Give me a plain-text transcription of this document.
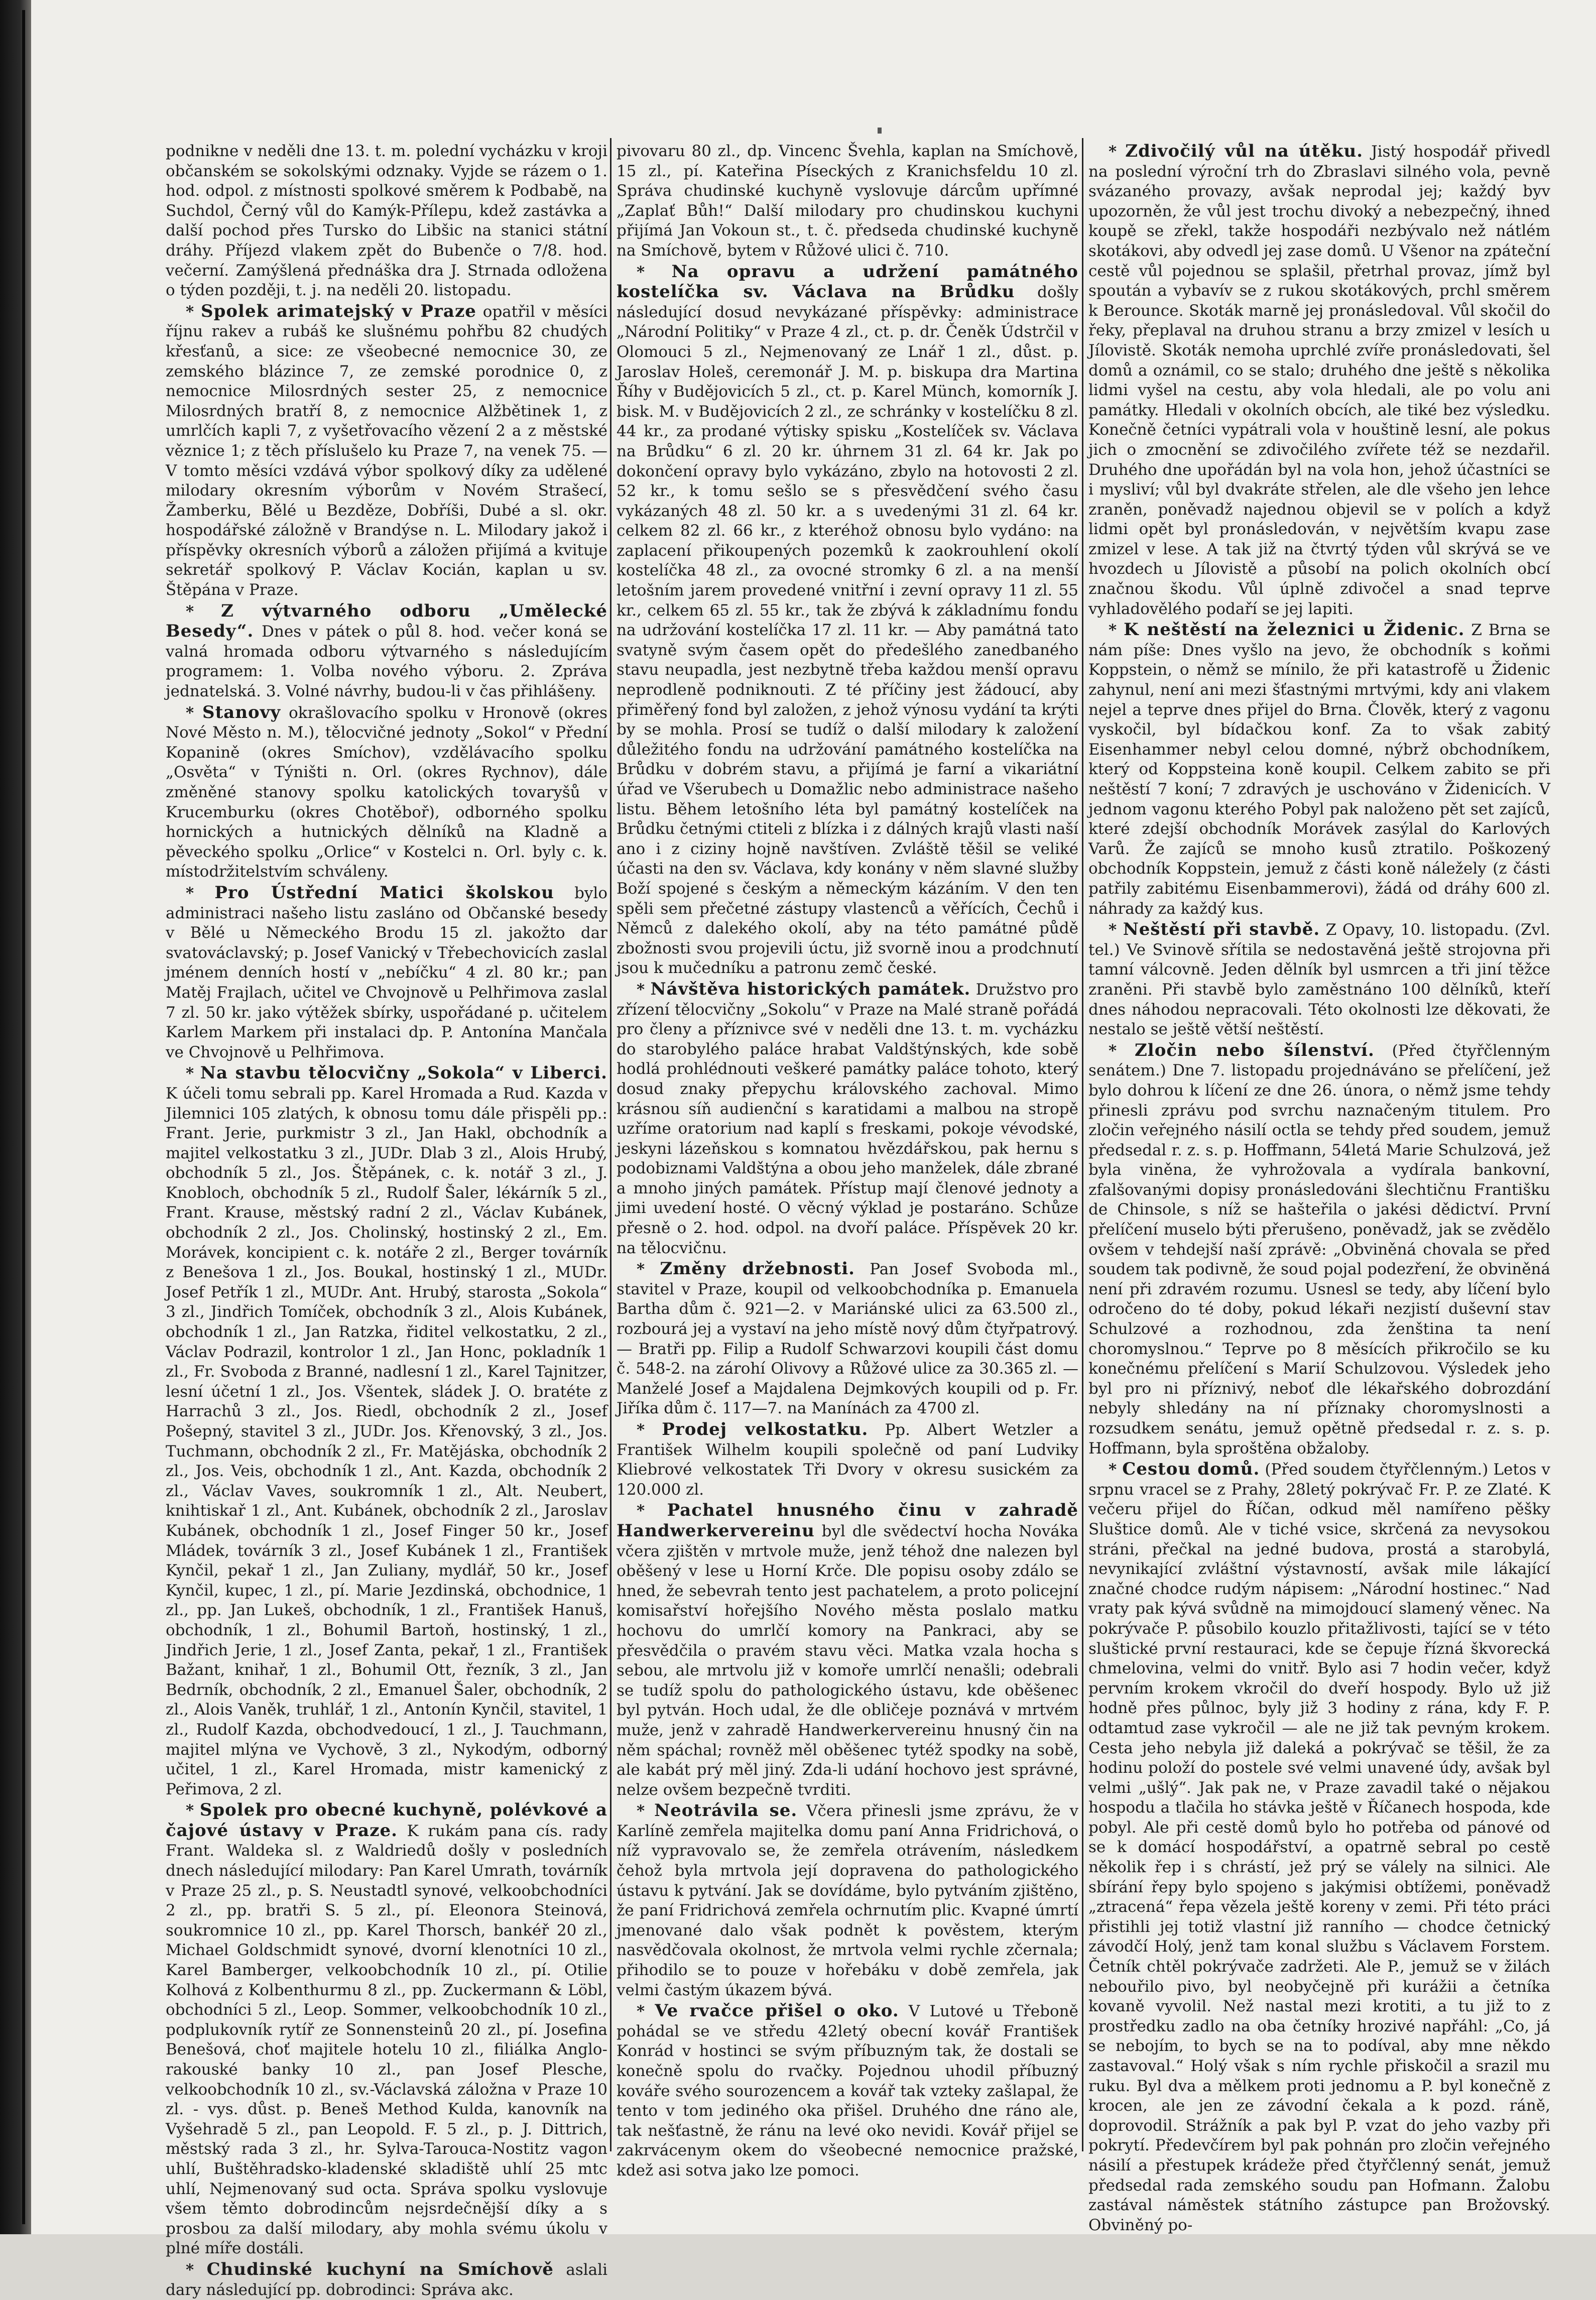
podnikne v neděli dne 13. t. m. polední vycházku v kroji občanském se sokolskými odznaky. Vyjde se rázem o 1. hod. odpol. z místnosti spolkové směrem k Podbabě, na Suchdol, Černý vůl do Kamýk-Přílepu, kdež zastávka a další pochod přes Tursko do Libšic na stanici státní dráhy. Příjezd vlakem zpět do Bubenče o 7/8. hod. večerní. Zamýšlená přednáška dra J. Strnada odložena o týden později, t. j. na neděli 20. listopadu.

* Spolek arimatejský v Praze opatřil v měsíci říjnu rakev a rubáš ke slušnému pohřbu 82 chudých křesťanů, a sice: ze všeobecné nemocnice 30, ze zemského blázince 7, ze zemské porodnice 0, z nemocnice Milosrdných sester 25, z nemocnice Milosrdných bratří 8, z nemocnice Alžbětinek 1, z umrlčích kapli 7, z vyšetřovacího vězení 2 a z městské věznice 1; z těch příslušelo ku Praze 7, na venek 75. — V tomto měsíci vzdává výbor spolkový díky za udělené milodary okresním výborům v Novém Strašecí, Žamberku, Bělé u Bezděze, Dobříši, Dubé a sl. okr. hospodářské záložně v Brandýse n. L. Milodary jakož i příspěvky okresních výborů a záložen přijímá a kvituje sekretář spolkový P. Václav Kocián, kaplan u sv. Štěpána v Praze.

* Z výtvarného odboru „Umělecké Besedy“. Dnes v pátek o půl 8. hod. večer koná se valná hromada odboru výtvarného s následujícím programem: 1. Volba nového výboru. 2. Zpráva jednatelská. 3. Volné návrhy, budou-li v čas přihlášeny.

* Stanovy okrašlovacího spolku v Hronově (okres Nové Město n. M.), tělocvičné jednoty „Sokol“ v Přední Kopanině (okres Smíchov), vzdělávacího spolku „Osvěta“ v Týništi n. Orl. (okres Rychnov), dále změněné stanovy spolku katolických tovaryšů v Krucemburku (okres Chotěboř), odborného spolku hornických a hutnických dělníků na Kladně a pěveckého spolku „Orlice“ v Kostelci n. Orl. byly c. k. místodržitelstvím schváleny.

* Pro Ústřední Matici školskou bylo administraci našeho listu zasláno od Občanské besedy v Bělé u Německého Brodu 15 zl. jakožto dar svatováclavský; p. Josef Vanický v Třebechovicích zaslal jménem denních hostí v „nebíčku“ 4 zl. 80 kr.; pan Matěj Frajlach, učitel ve Chvojnově u Pelhřimova zaslal 7 zl. 50 kr. jako výtěžek sbírky, uspořádané p. učitelem Karlem Markem při instalaci dp. P. Antonína Mančala ve Chvojnově u Pelhřimova.

* Na stavbu tělocvičny „Sokola“ v Liberci. K účeli tomu sebrali pp. Karel Hromada a Rud. Kazda v Jilemnici 105 zlatých, k obnosu tomu dále přispěli pp.: Frant. Jerie, purkmistr 3 zl., Jan Hakl, obchodník a majitel velkostatku 3 zl., JUDr. Dlab 3 zl., Alois Hrubý, obchodník 5 zl., Jos. Štěpánek, c. k. notář 3 zl., J. Knobloch, obchodník 5 zl., Rudolf Šaler, lékárník 5 zl., Frant. Krause, městský radní 2 zl., Václav Kubánek, obchodník 2 zl., Jos. Cholinský, hostinský 2 zl., Em. Morávek, koncipient c. k. notáře 2 zl., Berger továrník z Benešova 1 zl., Jos. Boukal, hostinský 1 zl., MUDr. Josef Petřík 1 zl., MUDr. Ant. Hrubý, starosta „Sokola“ 3 zl., Jindřich Tomíček, obchodník 3 zl., Alois Kubánek, obchodník 1 zl., Jan Ratzka, řiditel velkostatku, 2 zl., Václav Podrazil, kontrolor 1 zl., Jan Honc, pokladník 1 zl., Fr. Svoboda z Branné, nadlesní 1 zl., Karel Tajnitzer, lesní účetní 1 zl., Jos. Všentek, sládek J. O. bratéte z Harrachů 3 zl., Jos. Riedl, obchodník 2 zl., Josef Pošepný, stavitel 3 zl., JUDr. Jos. Křenovský, 3 zl., Jos. Tuchmann, obchodník 2 zl., Fr. Matějáska, obchodník 2 zl., Jos. Veis, obchodník 1 zl., Ant. Kazda, obchodník 2 zl., Václav Vaves, soukromník 1 zl., Alt. Neubert, knihtiskař 1 zl., Ant. Kubánek, obchodník 2 zl., Jaroslav Kubánek, obchodník 1 zl., Josef Finger 50 kr., Josef Mládek, továrník 3 zl., Josef Kubánek 1 zl., František Kynčil, pekař 1 zl., Jan Zuliany, mydlář, 50 kr., Josef Kynčil, kupec, 1 zl., pí. Marie Jezdinská, obchodnice, 1 zl., pp. Jan Lukeš, obchodník, 1 zl., František Hanuš, obchodník, 1 zl., Bohumil Bartoň, hostinský, 1 zl., Jindřich Jerie, 1 zl., Josef Zanta, pekař, 1 zl., František Bažant, knihař, 1 zl., Bohumil Ott, řezník, 3 zl., Jan Bedrník, obchodník, 2 zl., Emanuel Šaler, obchodník, 2 zl., Alois Vaněk, truhlář, 1 zl., Antonín Kynčil, stavitel, 1 zl., Rudolf Kazda, obchodvedoucí, 1 zl., J. Tauchmann, majitel mlýna ve Vychově, 3 zl., Nykodým, odborný učitel, 1 zl., Karel Hromada, mistr kamenický z Peřimova, 2 zl.

* Spolek pro obecné kuchyně, polévkové a čajové ústavy v Praze. K rukám pana cís. rady Frant. Waldeka sl. z Waldriedů došly v posledních dnech následující milodary: Pan Karel Umrath, továrník v Praze 25 zl., p. S. Neustadtl synové, velkoobchodníci 2 zl., pp. bratři S. 5 zl., pí. Eleonora Steinová, soukromnice 10 zl., pp. Karel Thorsch, bankéř 20 zl., Michael Goldschmidt synové, dvorní klenotníci 10 zl., Karel Bamberger, velkoobchodník 10 zl., pí. Otilie Kolhová z Kolbenthurmu 8 zl., pp. Zuckermann & Löbl, obchodníci 5 zl., Leop. Sommer, velkoobchodník 10 zl., podplukovník rytíř ze Sonnensteinů 20 zl., pí. Josefina Benešová, choť majitele hotelu 10 zl., filiálka Anglo-rakouské banky 10 zl., pan Josef Plesche, velkoobchodník 10 zl., sv.-Václavská záložna v Praze 10 zl. - vys. důst. p. Beneš Method Kulda, kanovník na Vyšehradě 5 zl., pan Leopold. F. 5 zl., p. J. Dittrich, městský rada 3 zl., hr. Sylva-Tarouca-Nostitz vagon uhlí, Buštěhradsko-kladenské skladiště uhlí 25 mtc uhlí, Nejmenovaný sud octa. Správa spolku vyslovuje všem těmto dobrodincům nejsrdečnější díky a s prosbou za další milodary, aby mohla svému úkolu v plné míře dostáli.

* Chudinské kuchyní na Smíchově aslali dary následující pp. dobrodinci: Správa akc.

pivovaru 80 zl., dp. Vincenc Švehla, kaplan na Smíchově, 15 zl., pí. Kateřina Píseckých z Kranichsfeldu 10 zl. Správa chudinské kuchyně vyslovuje dárcům upřímné „Zaplať Bůh!“ Další milodary pro chudinskou kuchyni přijímá Jan Vokoun st., t. č. předseda chudinské kuchyně na Smíchově, bytem v Růžové ulici č. 710.

* Na opravu a udržení památného kostelíčka sv. Václava na Brůdku došly následující dosud nevykázané příspěvky: administrace „Národní Politiky“ v Praze 4 zl., ct. p. dr. Čeněk Údstrčil v Olomouci 5 zl., Nejmenovaný ze Lnář 1 zl., důst. p. Jaroslav Holeš, ceremonář J. M. p. biskupa dra Martina Říhy v Budějovicích 5 zl., ct. p. Karel Münch, komorník J. bisk. M. v Budějovicích 2 zl., ze schránky v kostelíčku 8 zl. 44 kr., za prodané výtisky spisku „Kostelíček sv. Václava na Brůdku“ 6 zl. 20 kr. úhrnem 31 zl. 64 kr. Jak po dokončení opravy bylo vykázáno, zbylo na hotovosti 2 zl. 52 kr., k tomu sešlo se s přesvědčení svého času vykázaných 48 zl. 50 kr. a s uvedenými 31 zl. 64 kr. celkem 82 zl. 66 kr., z kteréhož obnosu bylo vydáno: na zaplacení přikoupených pozemků k zaokrouhlení okolí kostelíčka 48 zl., za ovocné stromky 6 zl. a na menší letošním jarem provedené vnitřní i zevní opravy 11 zl. 55 kr., celkem 65 zl. 55 kr., tak že zbývá k základnímu fondu na udržování kostelíčka 17 zl. 11 kr. — Aby památná tato svatyně svým časem opět do předešlého zanedbaného stavu neupadla, jest nezbytně třeba každou menší opravu neprodleně podniknouti. Z té příčiny jest žádoucí, aby přiměřený fond byl založen, z jehož výnosu vydání ta krýti by se mohla. Prosí se tudíž o další milodary k založení důležitého fondu na udržování památného kostelíčka na Brůdku v dobrém stavu, a přijímá je farní a vikariátní úřad ve Všerubech u Domažlic nebo administrace našeho listu. Během letošního léta byl památný kostelíček na Brůdku četnými ctiteli z blízka i z dálných krajů vlasti naší ano i z ciziny hojně navštíven. Zvláště těšil se veliké účasti na den sv. Václava, kdy konány v něm slavné služby Boží spojené s českým a německým kázáním. V den ten spěli sem přečetné zástupy vlastenců a věřících, Čechů i Němců z dalekého okolí, aby na této památné půdě zbožnosti svou projevili úctu, již svorně inou a prodchnutí jsou k mučedníku a patronu zemč české.

* Návštěva historických památek. Družstvo pro zřízení tělocvičny „Sokolu“ v Praze na Malé straně pořádá pro členy a příznivce své v neděli dne 13. t. m. vycházku do starobylého paláce hrabat Valdštýnských, kde sobě hodlá prohlédnouti veškeré památky paláce tohoto, který dosud znaky přepychu královského zachoval. Mimo krásnou síň audienční s karatidami a malbou na stropě uzříme oratorium nad kaplí s freskami, pokoje vévodské, jeskyni lázeňskou s komnatou hvězdářskou, pak hernu s podobiznami Valdštýna a obou jeho manželek, dále zbrané a mnoho jiných památek. Přístup mají členové jednoty a jimi uvedení hosté. O věcný výklad je postaráno. Schůze přesně o 2. hod. odpol. na dvoří paláce. Příspěvek 20 kr. na tělocvičnu.

* Změny držebnosti. Pan Josef Svoboda ml., stavitel v Praze, koupil od velkoobchodníka p. Emanuela Bartha dům č. 921—2. v Mariánské ulici za 63.500 zl., rozbourá jej a vystaví na jeho místě nový dům čtyřpatrový. — Bratři pp. Filip a Rudolf Schwarzovi koupili část domu č. 548-2. na zárohí Olivovy a Růžové ulice za 30.365 zl. — Manželé Josef a Majdalena Dejmkových koupili od p. Fr. Jiříka dům č. 117—7. na Manínách za 4700 zl.

* Prodej velkostatku. Pp. Albert Wetzler a František Wilhelm koupili společně od paní Ludviky Kliebrové velkostatek Tři Dvory v okresu susickém za 120.000 zl.

* Pachatel hnusného činu v zahradě Handwerkervereinu byl dle svědectví hocha Nováka včera zjištěn v mrtvole muže, jenž téhož dne nalezen byl oběšený v lese u Horní Krče. Dle popisu osoby zdálo se hned, že sebevrah tento jest pachatelem, a proto policejní komisařství hořejšího Nového města poslalo matku hochovu do umrlčí komory na Pankraci, aby se přesvědčila o pravém stavu věci. Matka vzala hocha s sebou, ale mrtvolu již v komoře umrlčí nenašli; odebrali se tudíž spolu do pathologického ústavu, kde oběšenec byl pytván. Hoch udal, že dle obličeje poznává v mrtvém muže, jenž v zahradě Handwerkervereinu hnusný čin na něm spáchal; rovněž měl oběšenec tytéž spodky na sobě, ale kabát prý měl jiný. Zda-li udání hochovo jest správné, nelze ovšem bezpečně tvrditi.

* Neotrávila se. Včera přinesli jsme zprávu, že v Karlíně zemřela majitelka domu paní Anna Fridrichová, o níž vypravovalo se, že zemřela otrávením, následkem čehož byla mrtvola její dopravena do pathologického ústavu k pytvání. Jak se dovídáme, bylo pytváním zjištěno, že paní Fridrichová zemřela ochrnutím plic. Kvapné úmrtí jmenované dalo však podnět k pověstem, kterým nasvědčovala okolnost, že mrtvola velmi rychle zčernala; přihodilo se to pouze v hořebáku v době zemřela, jak velmi častým úkazem bývá.

* Ve rvačce přišel o oko. V Lutové u Třeboně pohádal se ve středu 42letý obecní kovář František Konrád v hostinci se svým příbuzným tak, že dostali se konečně spolu do rvačky. Pojednou uhodil příbuzný kováře svého sourozencem a kovář tak vzteky zašlapal, že tento v tom jediného oka přišel. Druhého dne ráno ale, tak nešťastně, že ránu na levé oko nevidi. Kovář přijel se zakrvácenym okem do všeobecné nemocnice pražské, kdež asi sotva jako lze pomoci.

* Zdivočilý vůl na útěku. Jistý hospodář přivedl na poslední výroční trh do Zbraslavi silného vola, pevně svázaného provazy, avšak neprodal jej; každý byv upozorněn, že vůl jest trochu divoký a nebezpečný, ihned koupě se zřekl, takže hospodáři nezbývalo než nátlém skotákovi, aby odvedl jej zase domů. U Všenor na zpáteční cestě vůl pojednou se splašil, přetrhal provaz, jímž byl spoután a vybavív se z rukou skotákových, prchl směrem k Berounce. Skoták marně jej pronásledoval. Vůl skočil do řeky, přeplaval na druhou stranu a brzy zmizel v lesích u Jílovistě. Skoták nemoha uprchlé zvíře pronásledovati, šel domů a oznámil, co se stalo; druhého dne ještě s několika lidmi vyšel na cestu, aby vola hledali, ale po volu ani památky. Hledali v okolních obcích, ale tiké bez výsledku. Konečně četníci vypátrali vola v houštině lesní, ale pokus jich o zmocnění se zdivočilého zvířete též se nezdařil. Druhého dne upořádán byl na vola hon, jehož účastníci se i mysliví; vůl byl dvakráte střelen, ale dle všeho jen lehce zraněn, poněvadž najednou objevil se v polích a když lidmi opět byl pronásledován, v největším kvapu zase zmizel v lese. A tak již na čtvrtý týden vůl skrývá se ve hvozdech u Jílovistě a působí na polich okolních obcí značnou škodu. Vůl úplně zdivočel a snad teprve vyhladovělého podaří se jej lapiti.

* K neštěstí na železnici u Židenic. Z Brna se nám píše: Dnes vyšlo na jevo, že obchodník s koňmi Koppstein, o němž se mínilo, že při katastrofě u Židenic zahynul, není ani mezi šťastnými mrtvými, kdy ani vlakem nejel a teprve dnes přijel do Brna. Člověk, který z vagonu vyskočil, byl bídačkou konf. Za to však zabitý Eisenhammer nebyl celou domné, nýbrž obchodníkem, který od Koppsteina koně koupil. Celkem zabito se při neštěstí 7 koní; 7 zdravých je uschováno v Židenicích. V jednom vagonu kterého Pobyl pak naloženo pět set zajíců, které zdejší obchodník Morávek zasýlal do Karlových Varů. Že zajíců se mnoho kusů ztratilo. Poškozený obchodník Koppstein, jemuž z části koně náležely (z části patřily zabitému Eisenbammerovi), žádá od dráhy 600 zl. náhrady za každý kus.

* Neštěstí při stavbě. Z Opavy, 10. listopadu. (Zvl. tel.) Ve Svinově sřítila se nedostavěná ještě strojovna při tamní válcovně. Jeden dělník byl usmrcen a tři jiní těžce zraněni. Při stavbě bylo zaměstnáno 100 dělníků, kteří dnes náhodou nepracovali. Této okolnosti lze děkovati, že nestalo se ještě větší neštěstí.

* Zločin nebo šílenství. (Před čtyřčlenným senátem.) Dne 7. listopadu projednáváno se přelíčení, jež bylo dohrou k líčení ze dne 26. února, o němž jsme tehdy přinesli zprávu pod svrchu naznačeným titulem. Pro zločin veřejného násilí octla se tehdy před soudem, jemuž předsedal r. z. s. p. Hoffmann, 54letá Marie Schulzová, jež byla viněna, že vyhrožovala a vydírala bankovní, zfalšovanými dopisy pronásledováni šlechtičnu Františku de Chinsole, s níž se hašteřila o jakési dědictví. První přelíčení muselo býti přerušeno, poněvadž, jak se zvědělo ovšem v tehdejší naší zprávě: „Obviněná chovala se před soudem tak podivně, že soud pojal podezření, že obviněná není při zdravém rozumu. Usnesl se tedy, aby líčení bylo odročeno do té doby, pokud lékaři nezjistí duševní stav Schulzové a rozhodnou, zda ženština ta není choromyslnou.“ Teprve po 8 měsících přikročilo se ku konečnému přelíčení s Marií Schulzovou. Výsledek jeho byl pro ni příznivý, neboť dle lékařského dobrozdání nebyly shledány na ní příznaky choromyslnosti a rozsudkem senátu, jemuž opětně předsedal r. z. s. p. Hoffmann, byla sproštěna obžaloby.

* Cestou domů. (Před soudem čtyřčlenným.) Letos v srpnu vracel se z Prahy, 28letý pokrývač Fr. P. ze Zlaté. K večeru přijel do Říčan, odkud měl namířeno pěšky Sluštice domů. Ale v tiché vsice, skrčená za nevysokou stráni, přečkal na jedné budova, prostá a starobylá, nevynikající zvláštní výstavností, avšak mile lákající značné chodce rudým nápisem: „Národní hostinec.“ Nad vraty pak kývá svůdně na mimojdoucí slamený věnec. Na pokrývače P. působilo kouzlo přitažlivosti, tající se v této sluštické první restauraci, kde se čepuje řízná škvorecká chmelovina, velmi do vnitř. Bylo asi 7 hodin večer, když pervním krokem vkročil do dveří hospody. Bylo už již hodně přes půlnoc, byly již 3 hodiny z rána, kdy F. P. odtamtud zase vykročil — ale ne již tak pevným krokem. Cesta jeho nebyla již daleká a pokrývač se těšil, že za hodinu položí do postele své velmi unavené údy, avšak byl velmi „ušlý“. Jak pak ne, v Praze zavadil také o nějakou hospodu a tlačila ho stávka ještě v Říčanech hospoda, kde pobyl. Ale při cestě domů bylo ho potřeba od pánové od se k domácí hospodářství, a opatrně sebral po cestě několik řep i s chrástí, jež prý se válely na silnici. Ale sbírání řepy bylo spojeno s jakýmisi obtížemi, poněvadž „ztracená“ řepa vězela ještě koreny v zemi. Při této práci přistihli jej totiž vlastní již ranního — chodce četnický závodčí Holý, jenž tam konal službu s Václavem Forstem. Četník chtěl pokrývače zadržeti. Ale P., jemuž se v žilách nebouřilo pivo, byl neobyčejně při kurážii a četníka kovaně vyvolil. Než nastal mezi krotiti, a tu již to z prostředku zadlo na oba četníky hrozivé napřáhl: „Co, já se nebojím, to bych se na to podíval, aby mne někdo zastavoval.“ Holý však s ním rychle přiskočil a srazil mu ruku. Byl dva a mělkem proti jednomu a P. byl konečně z krocen, ale jen ze závodní čekala a k pozd. ráně, doprovodil. Strážník a pak byl P. vzat do jeho vazby při pokrytí. Předevčírem byl pak pohnán pro zločin veřejného násilí a přestupek krádeže před čtyřčlenný senát, jemuž předsedal rada zemského soudu pan Hofmann. Žalobu zastával náměstek státního zástupce pan Brožovský. Obviněný po-
